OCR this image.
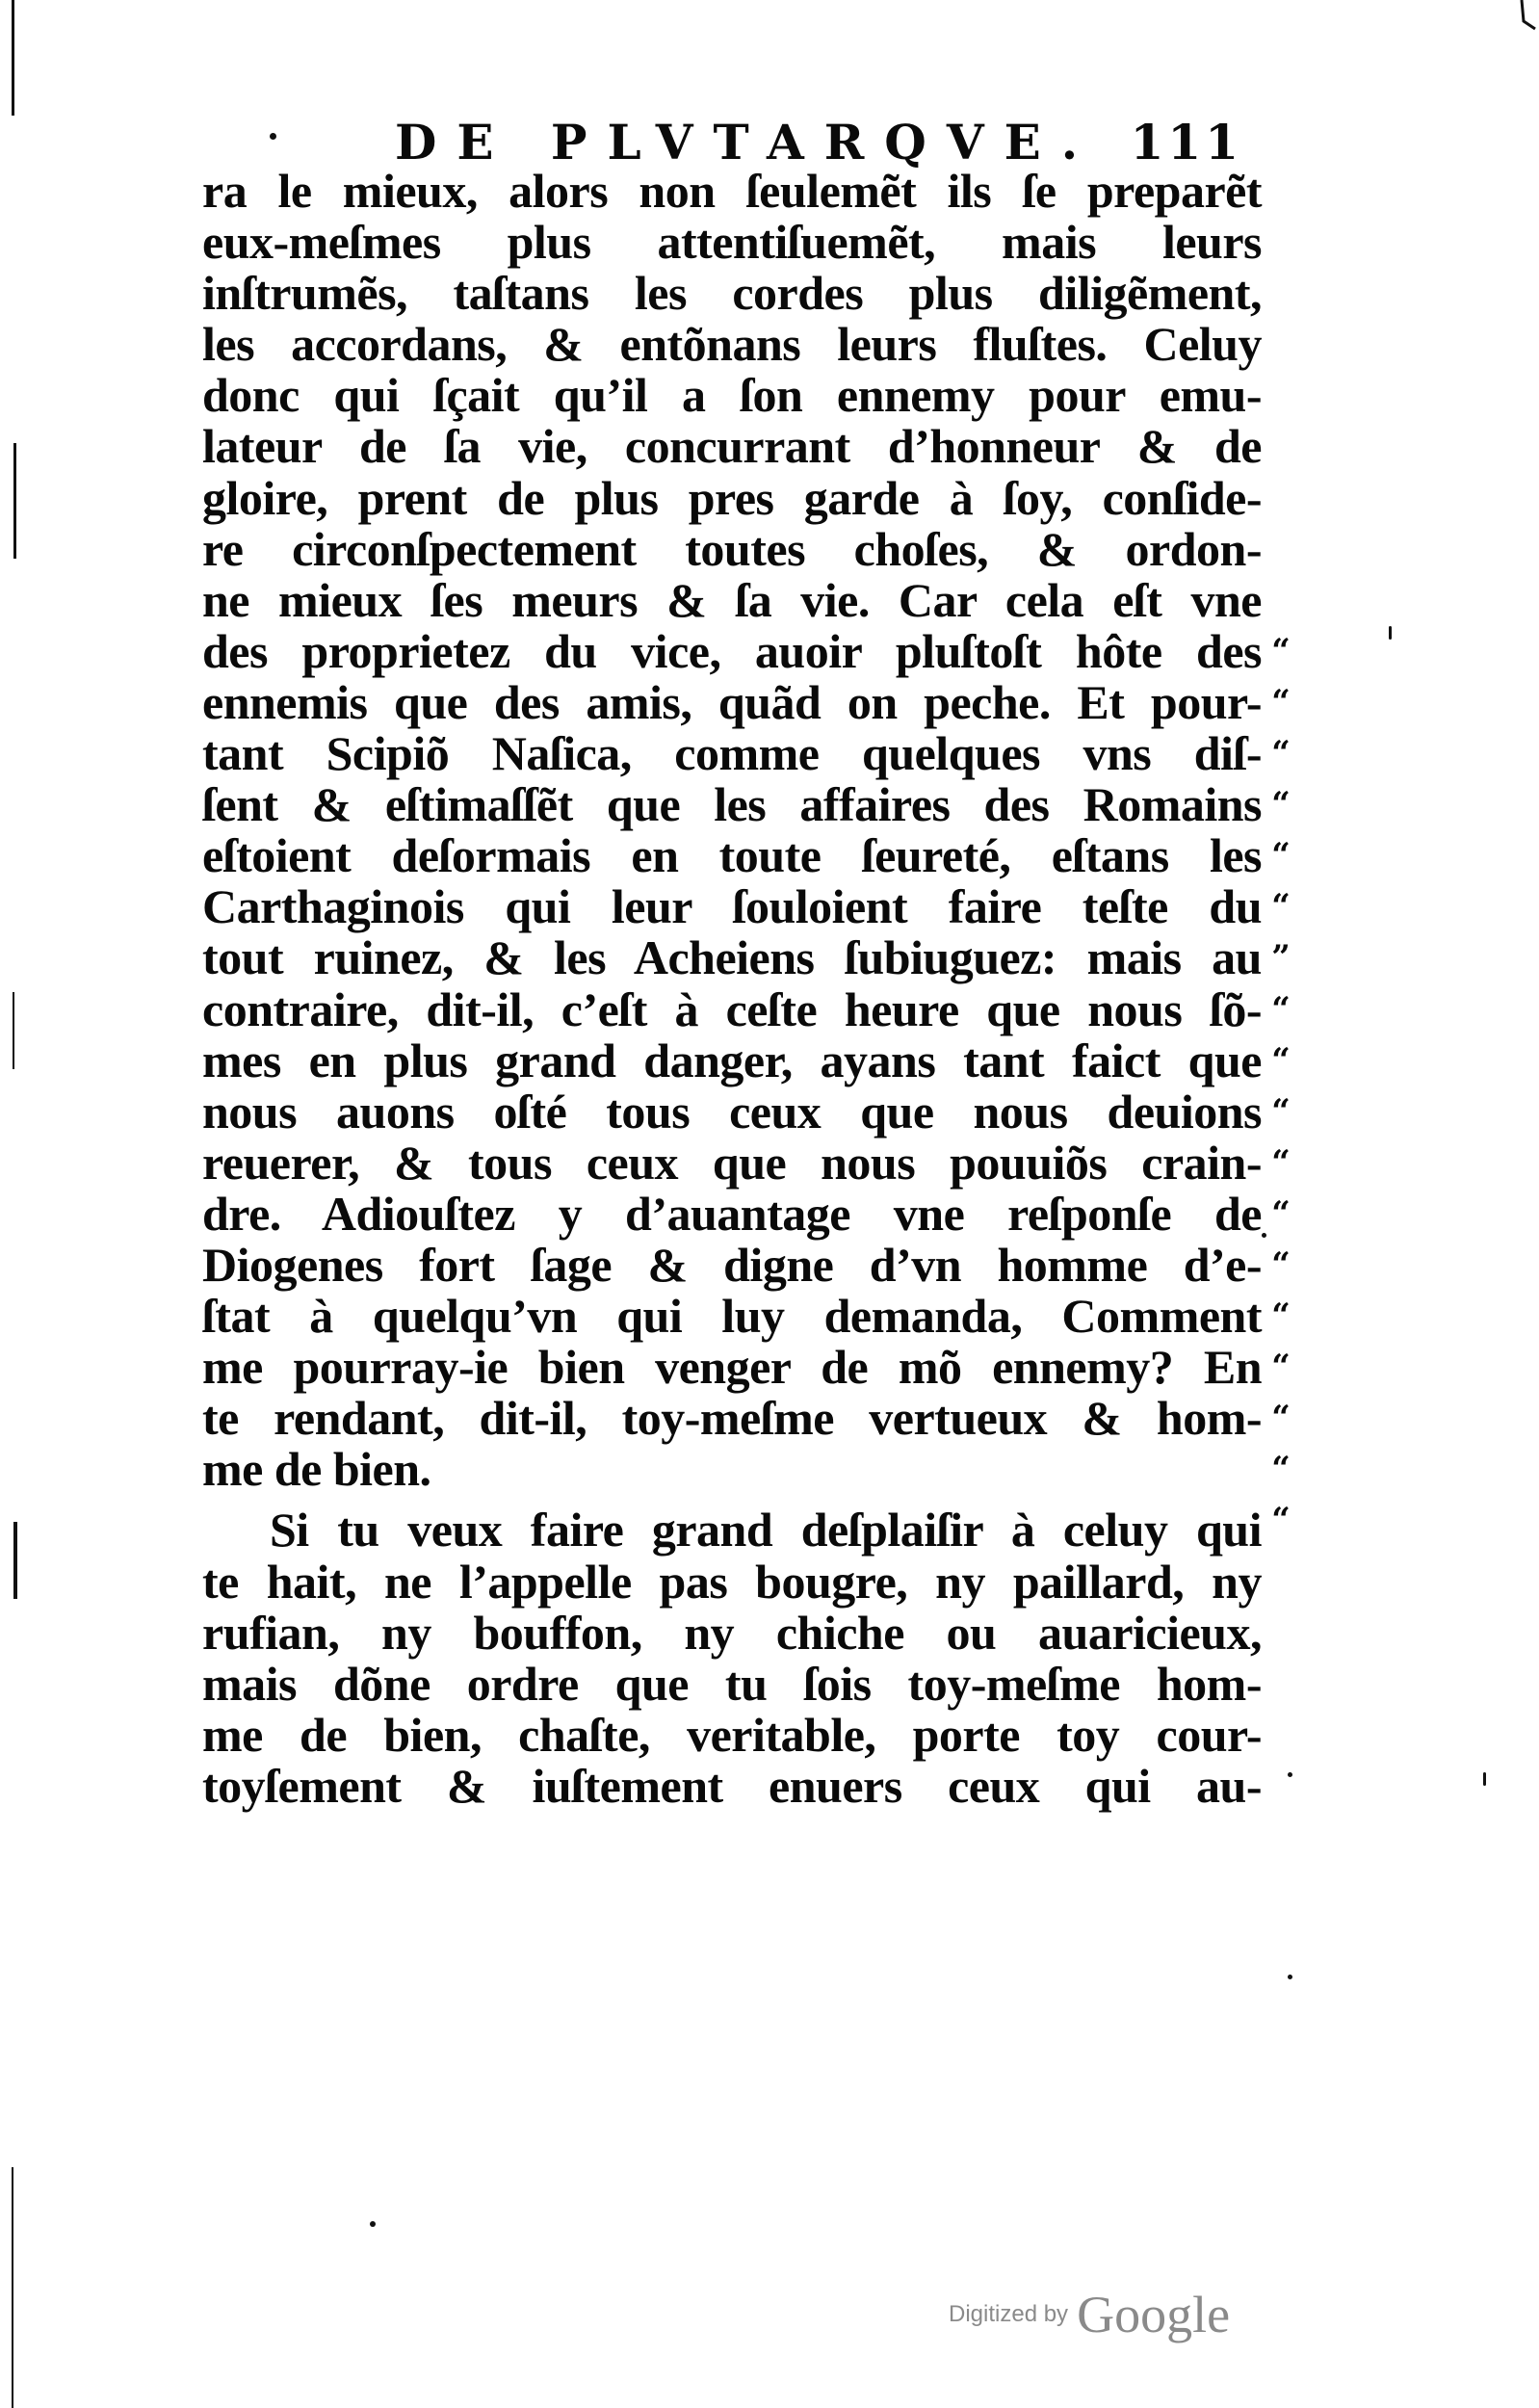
DE PLVTARQVE. 111
ra le mieux, alors non ſeulemẽt ils ſe preparẽt
eux-meſmes plus attentiſuemẽt, mais leurs
inſtrumẽs, taſtans les cordes plus diligẽment,
les accordans, & entõnans leurs fluſtes. Celuy
donc qui ſçait qu’il a ſon ennemy pour emu-
lateur de ſa vie, concurrant d’honneur & de
gloire, prent de plus pres garde à ſoy, conſide-
re circonſpectement toutes choſes, & ordon-
ne mieux ſes meurs & ſa vie. Car cela eſt vne
des proprietez du vice, auoir pluſtoſt hôte des
ennemis que des amis, quãd on peche. Et pour-
tant Scipiõ Naſica, comme quelques vns diſ-
ſent & eſtimaſſẽt que les affaires des Romains
eſtoient deſormais en toute ſeureté, eſtans les
Carthaginois qui leur ſouloient faire teſte du
tout ruinez, & les Acheiens ſubiuguez: mais au
contraire, dit-il, c’eſt à ceſte heure que nous ſõ-
mes en plus grand danger, ayans tant faict que
nous auons oſté tous ceux que nous deuions
reuerer, & tous ceux que nous pouuiõs crain-
dre. Adiouſtez y d’auantage vne reſponſe de
Diogenes fort ſage & digne d’vn homme d’e-
ſtat à quelqu’vn qui luy demanda, Comment
me pourray-ie bien venger de mõ ennemy? En
te rendant, dit-il, toy-meſme vertueux & hom-
me de bien.
Si tu veux faire grand deſplaiſir à celuy qui
te hait, ne l’appelle pas bougre, ny paillard, ny
rufian, ny bouffon, ny chiche ou auaricieux,
mais dõne ordre que tu ſois toy-meſme hom-
me de bien, chaſte, veritable, porte toy cour-
toyſement & iuſtement enuers ceux qui au-
“
“
“
“
“
“
”
“
“
“
“
“
“
“
“
“
“
“
Digitized by Google
